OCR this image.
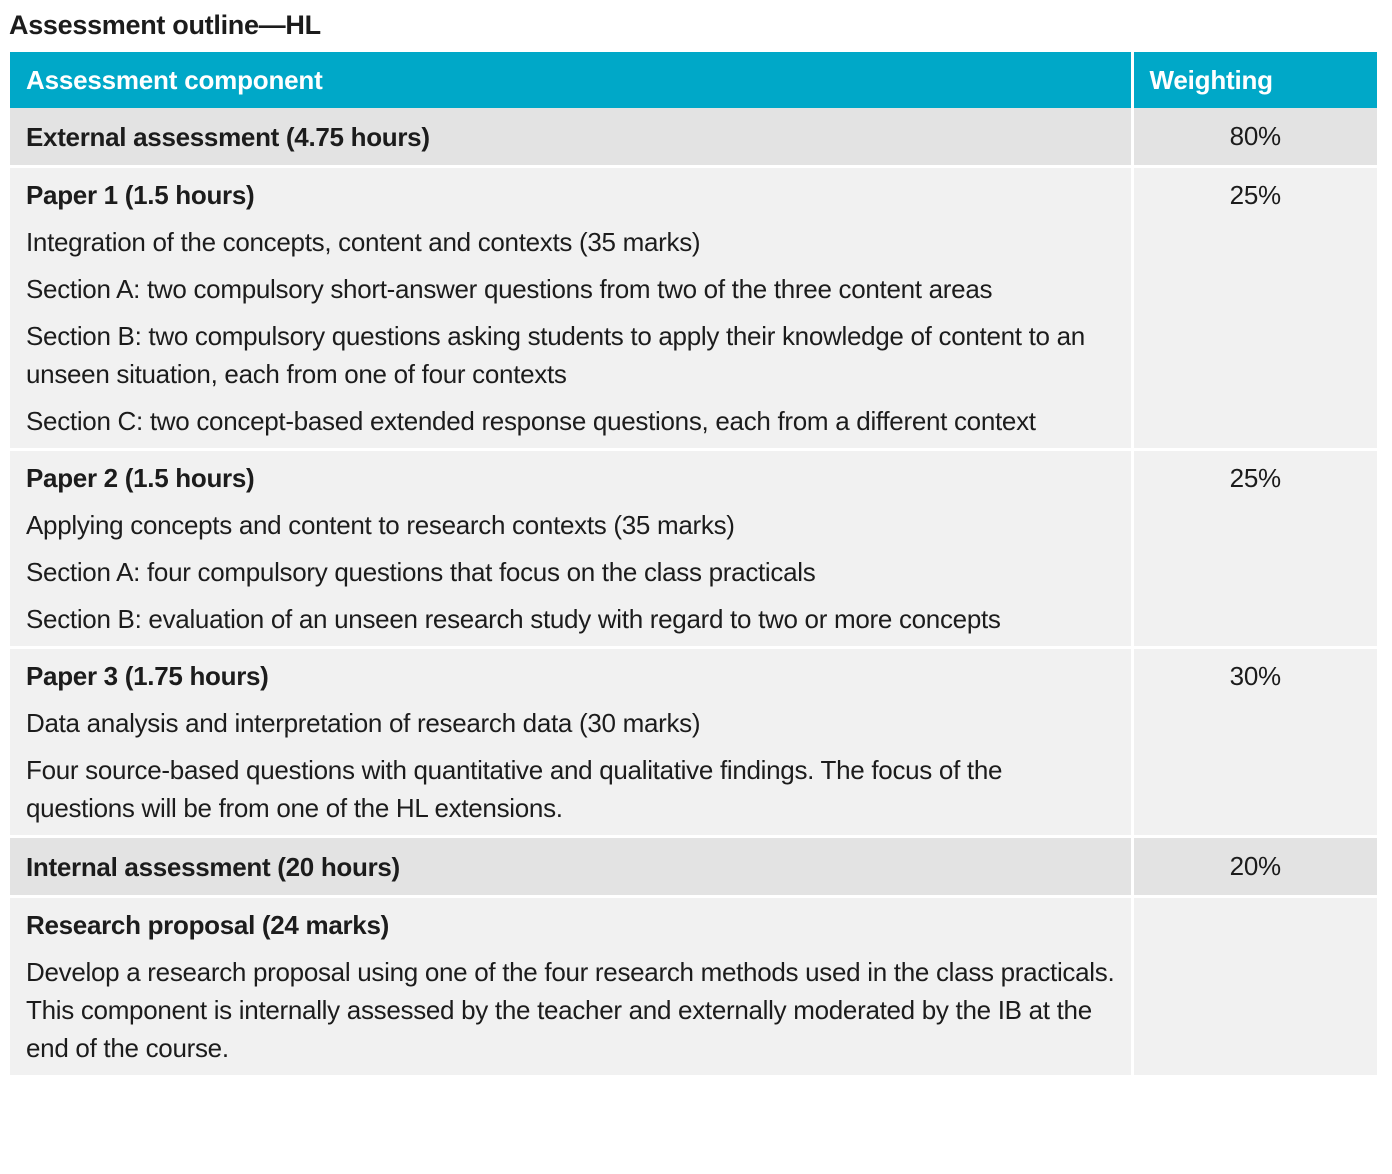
Assessment outline—HL
Assessment component	Weighting
External assessment (4.75 hours)	80%

Paper 1 (1.5 hours)

Integration of the concepts, content and contexts (35 marks)

Section A: two compulsory short-answer questions from two of the three content areas

Section B: two compulsory questions asking students to apply their knowledge of content to an unseen situation, each from one of four contexts

Section C: two concept-based extended response questions, each from a different context	25%

Paper 2 (1.5 hours)

Applying concepts and content to research contexts (35 marks)

Section A: four compulsory questions that focus on the class practicals

Section B: evaluation of an unseen research study with regard to two or more concepts	25%

Paper 3 (1.75 hours)

Data analysis and interpretation of research data (30 marks)

Four source-based questions with quantitative and qualitative findings. The focus of the questions will be from one of the HL extensions.	30%
Internal assessment (20 hours)	20%

Research proposal (24 marks)

Develop a research proposal using one of the four research methods used in the class practicals. This component is internally assessed by the teacher and externally moderated by the IB at the end of the course.	
